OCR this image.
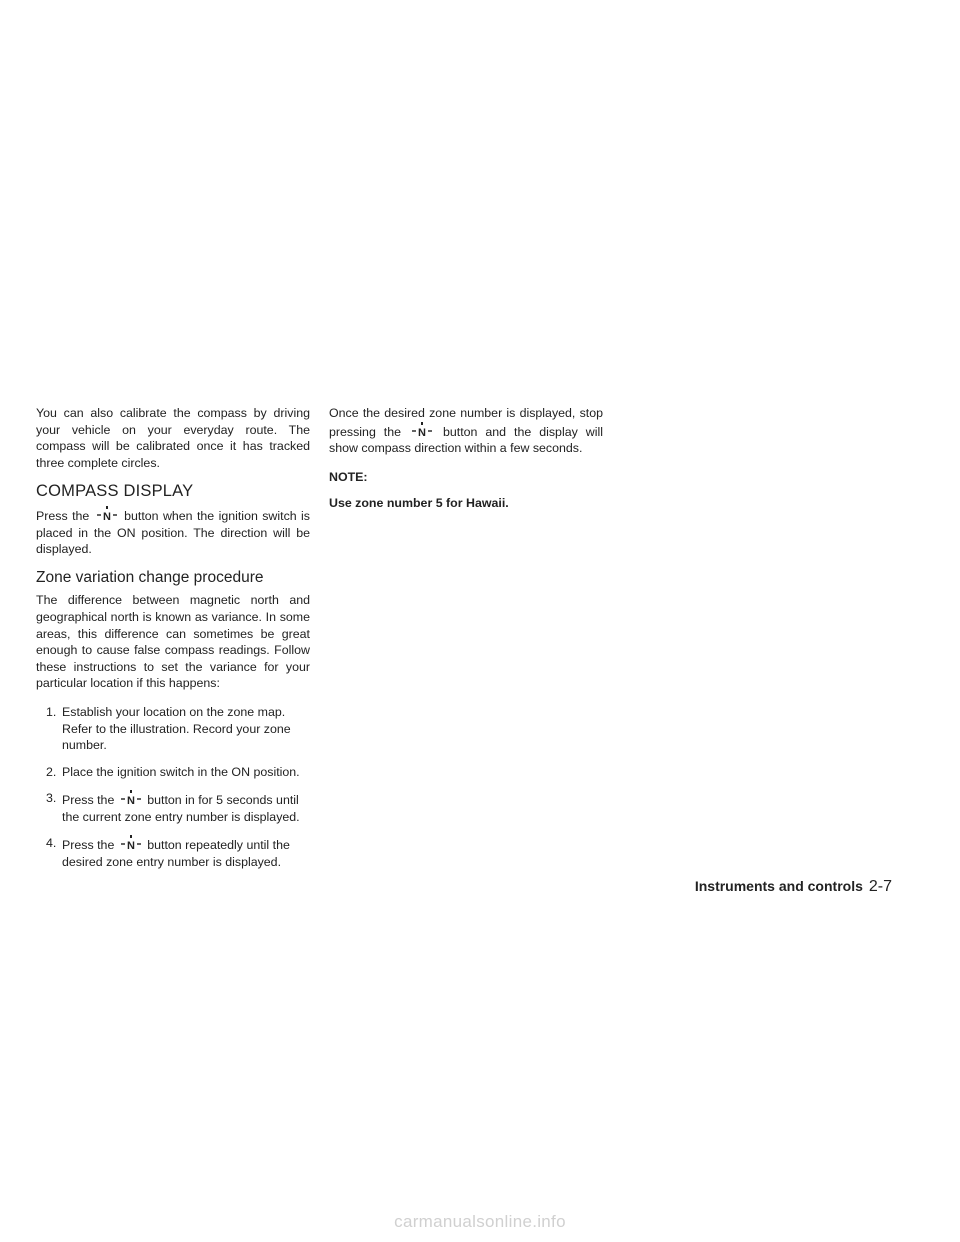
You can also calibrate the compass by driving your vehicle on your everyday route. The compass will be calibrated once it has tracked three complete circles.

COMPASS DISPLAY

Press the N button when the ignition switch is placed in the ON position. The direction will be displayed.

Zone variation change procedure

The difference between magnetic north and geographical north is known as variance. In some areas, this difference can sometimes be great enough to cause false compass readings. Follow these instructions to set the variance for your particular location if this happens:

1. Establish your location on the zone map. Refer to the illustration. Record your zone number.
2. Place the ignition switch in the ON position.
3. Press the N button in for 5 seconds until the current zone entry number is displayed.
4. Press the N button repeatedly until the desired zone entry number is displayed.

Once the desired zone number is displayed, stop pressing the N button and the display will show compass direction within a few seconds.

NOTE:

Use zone number 5 for Hawaii.

Instruments and controls 2-7
carmanualsonline.info
